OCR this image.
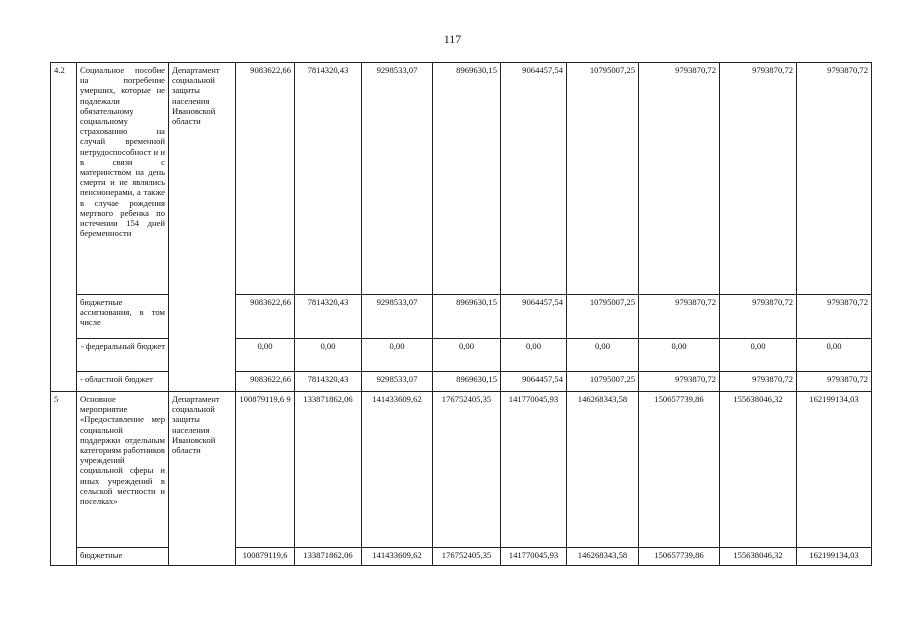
117
4.2	Социальное пособие на погребение умерших, которые не подлежали обязательному социальному страхованию на случай временной нетрудоспособност и и в связи с материнством на день смерти и не являлись пенсионерами, а также в случае рождения мертвого ребенка по истечении 154 дней беременности	Департамент социальной защиты населения Ивановской области	9083622,66	7814320,43	9298533,07	8969630,15	9064457,54	10795007,25	9793870,72	9793870,72	9793870,72
	бюджетные ассигнования, в том числе		9083622,66	7814320,43	9298533,07	8969630,15	9064457,54	10795007,25	9793870,72	9793870,72	9793870,72
	- федеральный бюджет		0,00	0,00	0,00	0,00	0,00	0,00	0,00	0,00	0,00
	- областной бюджет		9083622,66	7814320,43	9298533,07	8969630,15	9064457,54	10795007,25	9793870,72	9793870,72	9793870,72
5	Основное мероприятие «Предоставление мер социальной поддержки отдельным категориям работников учреждений социальной сферы и иных учреждений в сельской местности и поселках»	Департамент социальной защиты населения Ивановской области	100879119,6 9	133871862,06	141433609,62	176752405,35	141770045,93	146268343,58	150657739,86	155638046,32	162199134,03
	бюджетные		100879119,6	133871862,06	141433609,62	176752405,35	141770045,93	146268343,58	150657739,86	155638046,32	162199134,03
